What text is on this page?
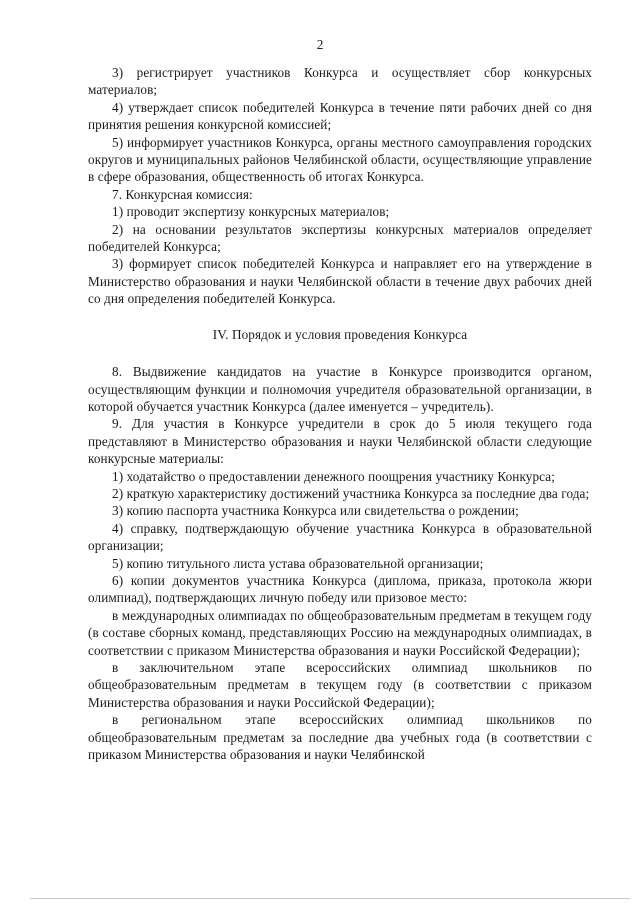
2

3) регистрирует участников Конкурса и осуществляет сбор конкурсных материалов;

4) утверждает список победителей Конкурса в течение пяти рабочих дней со дня принятия решения конкурсной комиссией;

5) информирует участников Конкурса, органы местного самоуправления городских округов и муниципальных районов Челябинской области, осуществляющие управление в сфере образования, общественность об итогах Конкурса.

7. Конкурсная комиссия:

1) проводит экспертизу конкурсных материалов;

2) на основании результатов экспертизы конкурсных материалов определяет победителей Конкурса;

3) формирует список победителей Конкурса и направляет его на утверждение в Министерство образования и науки Челябинской области в течение двух рабочих дней со дня определения победителей Конкурса.

IV. Порядок и условия проведения Конкурса

8. Выдвижение кандидатов на участие в Конкурсе производится органом, осуществляющим функции и полномочия учредителя образовательной организации, в которой обучается участник Конкурса (далее именуется – учредитель).

9. Для участия в Конкурсе учредители в срок до 5 июля текущего года представляют в Министерство образования и науки Челябинской области следующие конкурсные материалы:

1) ходатайство о предоставлении денежного поощрения участнику Конкурса;

2) краткую характеристику достижений участника Конкурса за последние два года;

3) копию паспорта участника Конкурса или свидетельства о рождении;

4) справку, подтверждающую обучение участника Конкурса в образовательной организации;

5) копию титульного листа устава образовательной организации;

6) копии документов участника Конкурса (диплома, приказа, протокола жюри олимпиад), подтверждающих личную победу или призовое место:

в международных олимпиадах по общеобразовательным предметам в текущем году (в составе сборных команд, представляющих Россию на международных олимпиадах, в соответствии с приказом Министерства образования и науки Российской Федерации);

в заключительном этапе всероссийских олимпиад школьников по общеобразовательным предметам в текущем году (в соответствии с приказом Министерства образования и науки Российской Федерации);

в региональном этапе всероссийских олимпиад школьников по общеобразовательным предметам за последние два учебных года (в соответствии с приказом Министерства образования и науки Челябинской
